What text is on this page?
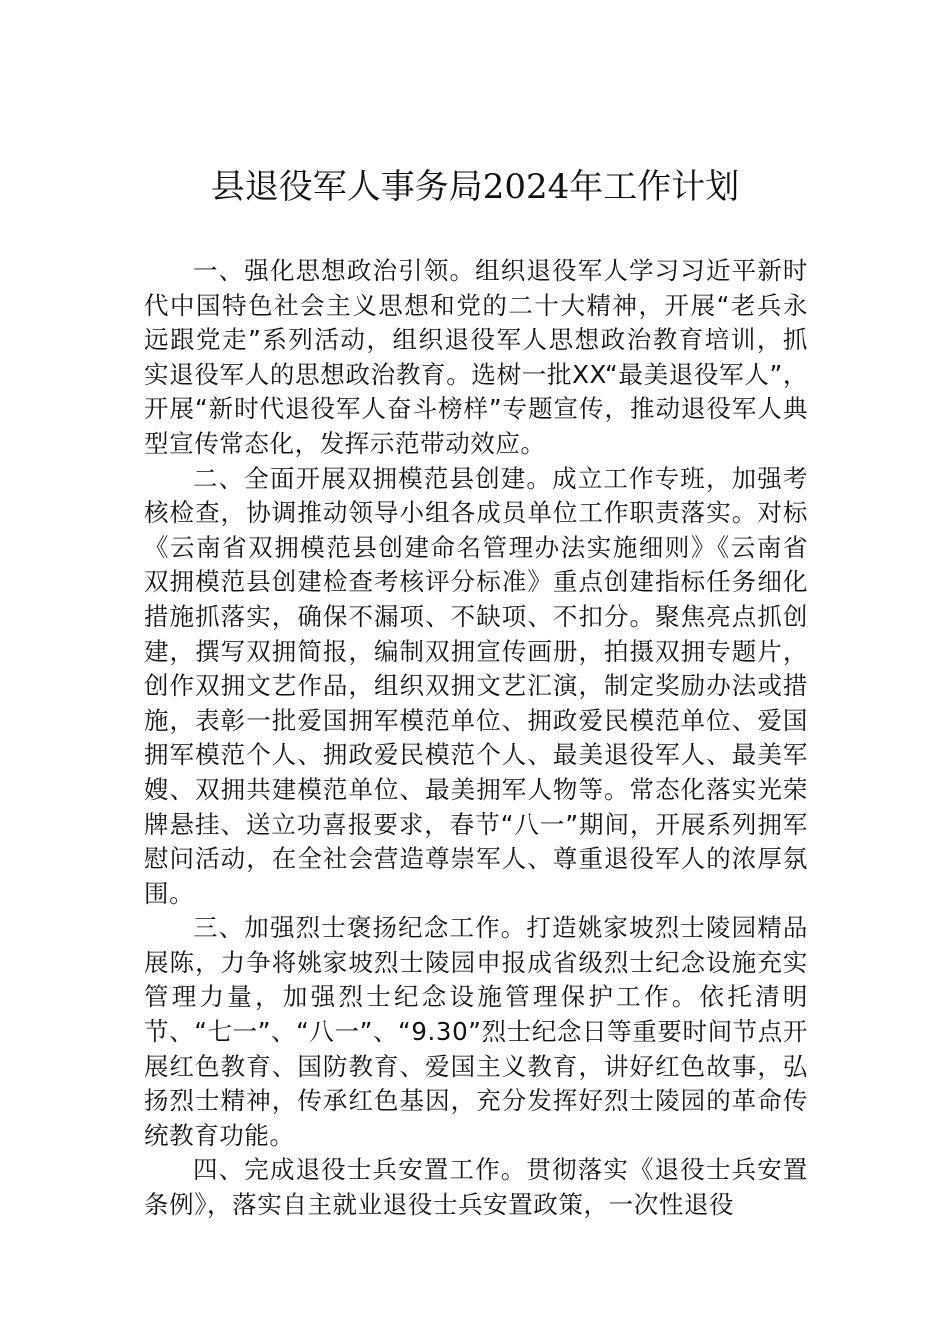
县退役军人事务局2024年工作计划

一、强化思想政治引领。组织退役军人学习习近平新时代中国特色社会主义思想和党的二十大精神，开展“老兵永远跟党走”系列活动，组织退役军人思想政治教育培训，抓实退役军人的思想政治教育。选树一批XX“最美退役军人”，开展“新时代退役军人奋斗榜样”专题宣传，推动退役军人典型宣传常态化，发挥示范带动效应。

二、全面开展双拥模范县创建。成立工作专班，加强考核检查，协调推动领导小组各成员单位工作职责落实。对标《云南省双拥模范县创建命名管理办法实施细则》《云南省双拥模范县创建检查考核评分标准》重点创建指标任务细化措施抓落实，确保不漏项、不缺项、不扣分。聚焦亮点抓创建，撰写双拥简报，编制双拥宣传画册，拍摄双拥专题片，创作双拥文艺作品，组织双拥文艺汇演，制定奖励办法或措施，表彰一批爱国拥军模范单位、拥政爱民模范单位、爱国拥军模范个人、拥政爱民模范个人、最美退役军人、最美军嫂、双拥共建模范单位、最美拥军人物等。常态化落实光荣牌悬挂、送立功喜报要求，春节“八一”期间，开展系列拥军慰问活动，在全社会营造尊崇军人、尊重退役军人的浓厚氛围。

三、加强烈士褒扬纪念工作。打造姚家坡烈士陵园精品展陈，力争将姚家坡烈士陵园申报成省级烈士纪念设施充实管理力量，加强烈士纪念设施管理保护工作。依托清明节、“七一”、“八一”、“9.30”烈士纪念日等重要时间节点开展红色教育、国防教育、爱国主义教育，讲好红色故事，弘扬烈士精神，传承红色基因，充分发挥好烈士陵园的革命传统教育功能。

四、完成退役士兵安置工作。贯彻落实《退役士兵安置条例》，落实自主就业退役士兵安置政策，一次性退役
